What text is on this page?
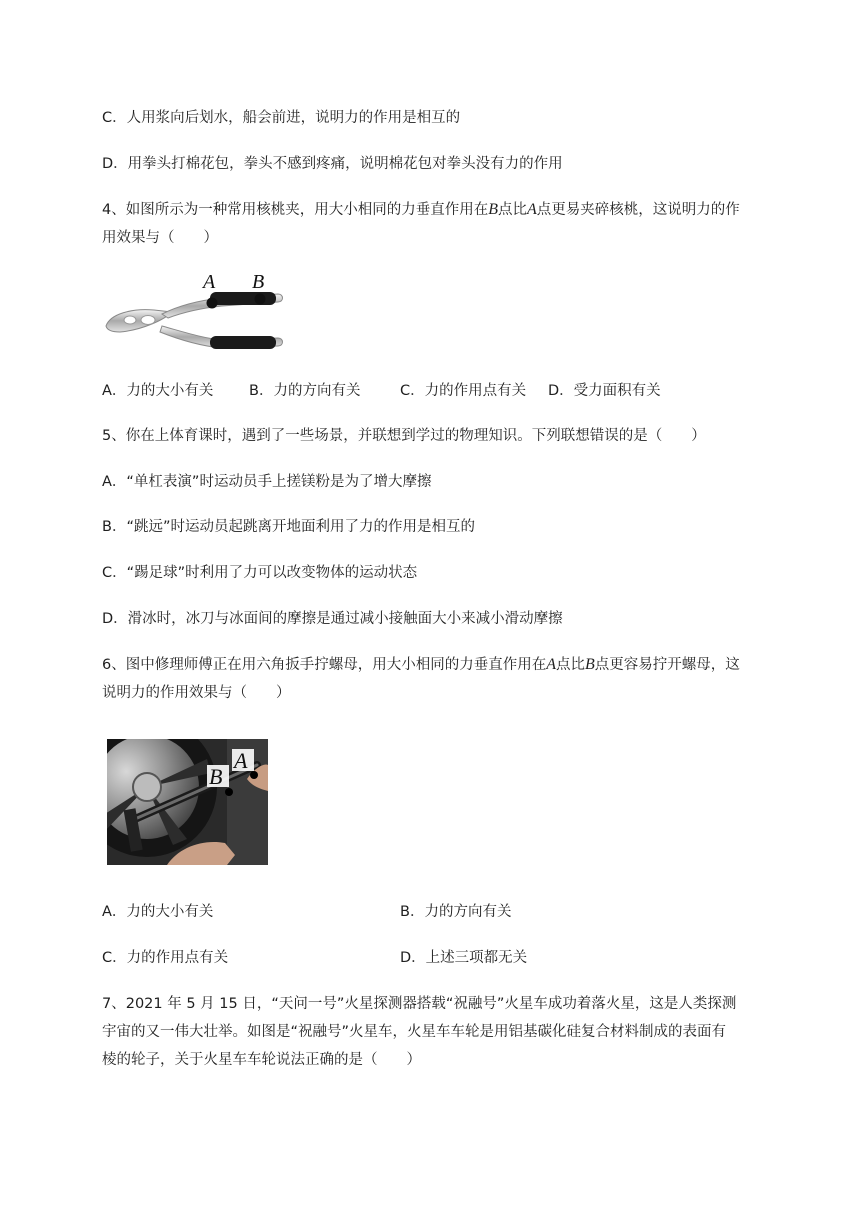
C．人用浆向后划水，船会前进，说明力的作用是相互的
D．用拳头打棉花包，拳头不感到疼痛，说明棉花包对拳头没有力的作用
4、如图所示为一种常用核桃夹，用大小相同的力垂直作用在B点比A点更易夹碎核桃，这说明力的作
用效果与（　　）
A B
A．力的大小有关 B．力的方向有关	C．力的作用点有关 D．受力面积有关
5、你在上体育课时，遇到了一些场景，并联想到学过的物理知识。下列联想错误的是（　　）
A．“单杠表演”时运动员手上搓镁粉是为了增大摩擦
B．“跳远”时运动员起跳离开地面利用了力的作用是相互的
C．“踢足球”时利用了力可以改变物体的运动状态
D．滑冰时，冰刀与冰面间的摩擦是通过减小接触面大小来减小滑动摩擦
6、图中修理师傅正在用六角扳手拧螺母，用大小相同的力垂直作用在A点比B点更容易拧开螺母，这
说明力的作用效果与（　　）
B
A
A．力的大小有关	B．力的方向有关
C．力的作用点有关	D．上述三项都无关
7、2021 年 5 月 15 日，“天问一号”火星探测器搭载“祝融号”火星车成功着落火星，这是人类探测
宇宙的又一伟大壮举。如图是“祝融号”火星车，火星车车轮是用铝基碳化硅复合材料制成的表面有
棱的轮子，关于火星车车轮说法正确的是（　　）
